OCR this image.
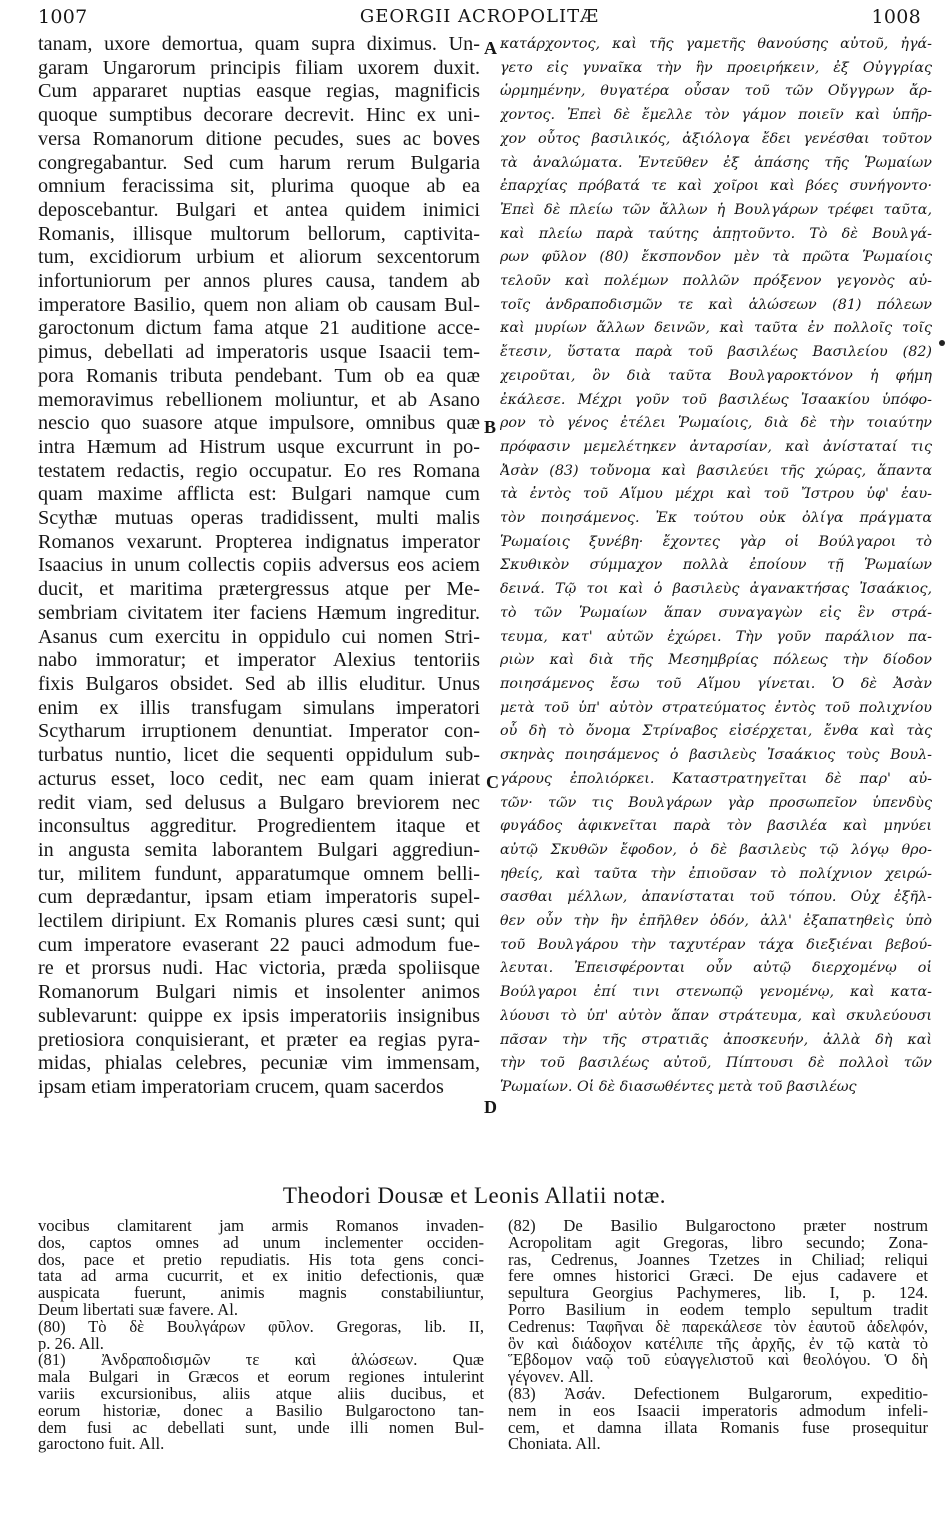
1007	GEORGII ACROPOLITÆ	1008
tanam, uxore demortua, quam supra diximus. Un-
garam Ungarorum principis filiam uxorem duxit.
Cum appararet nuptias easque regias, magnificis
quoque sumptibus decorare decrevit. Hinc ex uni-
versa Romanorum ditione pecudes, sues ac boves
congregabantur. Sed cum harum rerum Bulgaria
omnium feracissima sit, plurima quoque ab ea
deposcebantur. Bulgari et antea quidem inimici
Romanis, illisque multorum bellorum, captivita-
tum, excidiorum urbium et aliorum sexcentorum
infortuniorum per annos plures causa, tandem ab
imperatore Basilio, quem non aliam ob causam Bul-
garoctonum dictum fama atque 21 auditione acce-
pimus, debellati ad imperatoris usque Isaacii tem-
pora Romanis tributa pendebant. Tum ob ea quæ
memoravimus rebellionem moliuntur, et ab Asano
nescio quo suasore atque impulsore, omnibus quæ
intra Hæmum ad Histrum usque excurrunt in po-
testatem redactis, regio occupatur. Eo res Romana
quam maxime afflicta est: Bulgari namque cum
Scythæ mutuas operas tradidissent, multi malis
Romanos vexarunt. Propterea indignatus imperator
Isaacius in unum collectis copiis adversus eos aciem
ducit, et maritima prætergressus atque per Me-
sembriam civitatem iter faciens Hæmum ingreditur.
Asanus cum exercitu in oppidulo cui nomen Stri-
nabo immoratur; et imperator Alexius tentoriis
fixis Bulgaros obsidet. Sed ab illis eluditur. Unus
enim ex illis transfugam simulans imperatori
Scytharum irruptionem denuntiat. Imperator con-
turbatus nuntio, licet die sequenti oppidulum sub-
acturus esset, loco cedit, nec eam quam inierat
redit viam, sed delusus a Bulgaro breviorem nec
inconsultus aggreditur. Progredientem itaque et
in angusta semita laborantem Bulgari aggrediun-
tur, militem fundunt, apparatumque omnem belli-
cum deprædantur, ipsam etiam imperatoris supel-
lectilem diripiunt. Ex Romanis plures cæsi sunt; qui
cum imperatore evaserant 22 pauci admodum fue-
re et prorsus nudi. Hac victoria, præda spoliisque
Romanorum Bulgari nimis et insolenter animos
sublevarunt: quippe ex ipsis imperatoriis insignibus
pretiosiora conquisierant, et præter ea regias pyra-
midas, phialas celebres, pecuniæ vim immensam,
ipsam etiam imperatoriam crucem, quam sacerdos
κατάρχοντος, καὶ τῆς γαμετῆς θανούσης αὐτοῦ, ἠγά-
γετο εἰς γυναῖκα τὴν ἣν προειρήκειν, ἐξ Οὐγγρίας
ὡρμημένην, θυγατέρα οὖσαν τοῦ τῶν Οὔγγρων ἄρ-
χοντος. Ἐπεὶ δὲ ἔμελλε τὸν γάμον ποιεῖν καὶ ὑπῆρ-
χον οὗτος βασιλικός, ἀξιόλογα ἔδει γενέσθαι τοῦτον
τὰ ἀναλώματα. Ἐντεῦθεν ἐξ ἁπάσης τῆς Ῥωμαίων
ἐπαρχίας πρόβατά τε καὶ χοῖροι καὶ βόες συνήγοντο·
Ἐπεὶ δὲ πλείω τῶν ἄλλων ἡ Βουλγάρων τρέφει ταῦτα,
καὶ πλείω παρὰ ταύτης ἀπῃτοῦντο. Τὸ δὲ Βουλγά-
ρων φῦλον (80) ἔκσπονδον μὲν τὰ πρῶτα Ῥωμαίοις
τελοῦν καὶ πολέμων πολλῶν πρόξενον γεγονὸς αὐ-
τοῖς ἀνδραποδισμῶν τε καὶ ἁλώσεων (81) πόλεων
καὶ μυρίων ἄλλων δεινῶν, καὶ ταῦτα ἐν πολλοῖς τοῖς
ἔτεσιν, ὕστατα παρὰ τοῦ βασιλέως Βασιλείου (82)
χειροῦται, ὃν διὰ ταῦτα Βουλγαροκτόνον ἡ φήμη
ἐκάλεσε. Μέχρι γοῦν τοῦ βασιλέως Ἰσαακίου ὑπόφο-
ρον τὸ γένος ἐτέλει Ῥωμαίοις, διὰ δὲ τὴν τοιαύτην
πρόφασιν μεμελέτηκεν ἀνταρσίαν, καὶ ἀνίσταταί τις
Ἀσὰν (83) τοὔνομα καὶ βασιλεύει τῆς χώρας, ἅπαντα
τὰ ἐντὸς τοῦ Αἵμου μέχρι καὶ τοῦ Ἴστρου ὑφ' ἑαυ-
τὸν ποιησάμενος. Ἐκ τούτου οὐκ ὀλίγα πράγματα
Ῥωμαίοις ξυνέβη· ἔχοντες γὰρ οἱ Βούλγαροι τὸ
Σκυθικὸν σύμμαχον πολλὰ ἐποίουν τῇ Ῥωμαίων
δεινά. Τῷ τοι καὶ ὁ βασιλεὺς ἀγανακτήσας Ἰσαάκιος,
τὸ τῶν Ῥωμαίων ἅπαν συναγαγὼν εἰς ἓν στρά-
τευμα, κατ' αὐτῶν ἐχώρει. Τὴν γοῦν παράλιον πα-
ριὼν καὶ διὰ τῆς Μεσημβρίας πόλεως τὴν δίοδον
ποιησάμενος ἔσω τοῦ Αἵμου γίνεται. Ὁ δὲ Ἀσὰν
μετὰ τοῦ ὑπ' αὐτὸν στρατεύματος ἐντὸς τοῦ πολιχνίου
οὗ δὴ τὸ ὄνομα Στρίναβος εἰσέρχεται, ἔνθα καὶ τὰς
σκηνὰς ποιησάμενος ὁ βασιλεὺς Ἰσαάκιος τοὺς Βουλ-
γάρους ἐπολιόρκει. Καταστρατηγεῖται δὲ παρ' αὐ-
τῶν· τῶν τις Βουλγάρων γὰρ προσωπεῖον ὑπενδὺς
φυγάδος ἀφικνεῖται παρὰ τὸν βασιλέα καὶ μηνύει
αὐτῷ Σκυθῶν ἔφοδον, ὁ δὲ βασιλεὺς τῷ λόγῳ θρο-
ηθείς, καὶ ταῦτα τὴν ἐπιοῦσαν τὸ πολίχνιον χειρώ-
σασθαι μέλλων, ἀπανίσταται τοῦ τόπου. Οὐχ ἐξῆλ-
θεν οὖν τὴν ἣν ἐπῆλθεν ὁδόν, ἀλλ' ἐξαπατηθεὶς ὑπὸ
τοῦ Βουλγάρου τὴν ταχυτέραν τάχα διεξιέναι βεβού-
λευται. Ἐπεισφέρονται οὖν αὐτῷ διερχομένῳ οἱ
Βούλγαροι ἐπί τινι στενωπῷ γενομένῳ, καὶ κατα-
λύουσι τὸ ὑπ' αὐτὸν ἅπαν στράτευμα, καὶ σκυλεύουσι
πᾶσαν τὴν τῆς στρατιᾶς ἀποσκευήν, ἀλλὰ δὴ καὶ
τὴν τοῦ βασιλέως αὐτοῦ, Πίπτουσι δὲ πολλοὶ τῶν
Ῥωμαίων. Οἱ δὲ διασωθέντες μετὰ τοῦ βασιλέως
A
B
C
D
Theodori Dousæ et Leonis Allatii notæ.
vocibus clamitarent jam armis Romanos invaden-
dos, captos omnes ad unum inclementer occiden-
dos, pace et pretio repudiatis. His tota gens conci-
tata ad arma cucurrit, et ex initio defectionis, quæ
auspicata fuerunt, animis magnis constabiliuntur,
Deum libertati suæ favere. Al.
(80) Τὸ δὲ Βουλγάρων φῦλον. Gregoras, lib. II,
p. 26. All.
(81) Ἀνδραποδισμῶν τε καὶ ἁλώσεων. Quæ
mala Bulgari in Græcos et eorum regiones intulerint
variis excursionibus, aliis atque aliis ducibus, et
eorum historiæ, donec a Basilio Bulgaroctono tan-
dem fusi ac debellati sunt, unde illi nomen Bul-
garoctono fuit. All.
(82) De Basilio Bulgaroctono præter nostrum
Acropolitam agit Gregoras, libro secundo; Zona-
ras, Cedrenus, Joannes Tzetzes in Chiliad; reliqui
fere omnes historici Græci. De ejus cadavere et
sepultura Georgius Pachymeres, lib. I, p. 124.
Porro Basilium in eodem templo sepultum tradit
Cedrenus: Ταφῆναι δὲ παρεκάλεσε τὸν ἑαυτοῦ ἀδελφόν,
ὃν καὶ διάδοχον κατέλιπε τῆς ἀρχῆς, ἐν τῷ κατὰ τὸ
Ἕβδομον ναῷ τοῦ εὐαγγελιστοῦ καὶ θεολόγου. Ὁ δὴ
γέγονεν. All.
(83) Ἀσάν. Defectionem Bulgarorum, expeditio-
nem in eos Isaacii imperatoris admodum infeli-
cem, et damna illata Romanis fuse prosequitur
Choniata. All.
